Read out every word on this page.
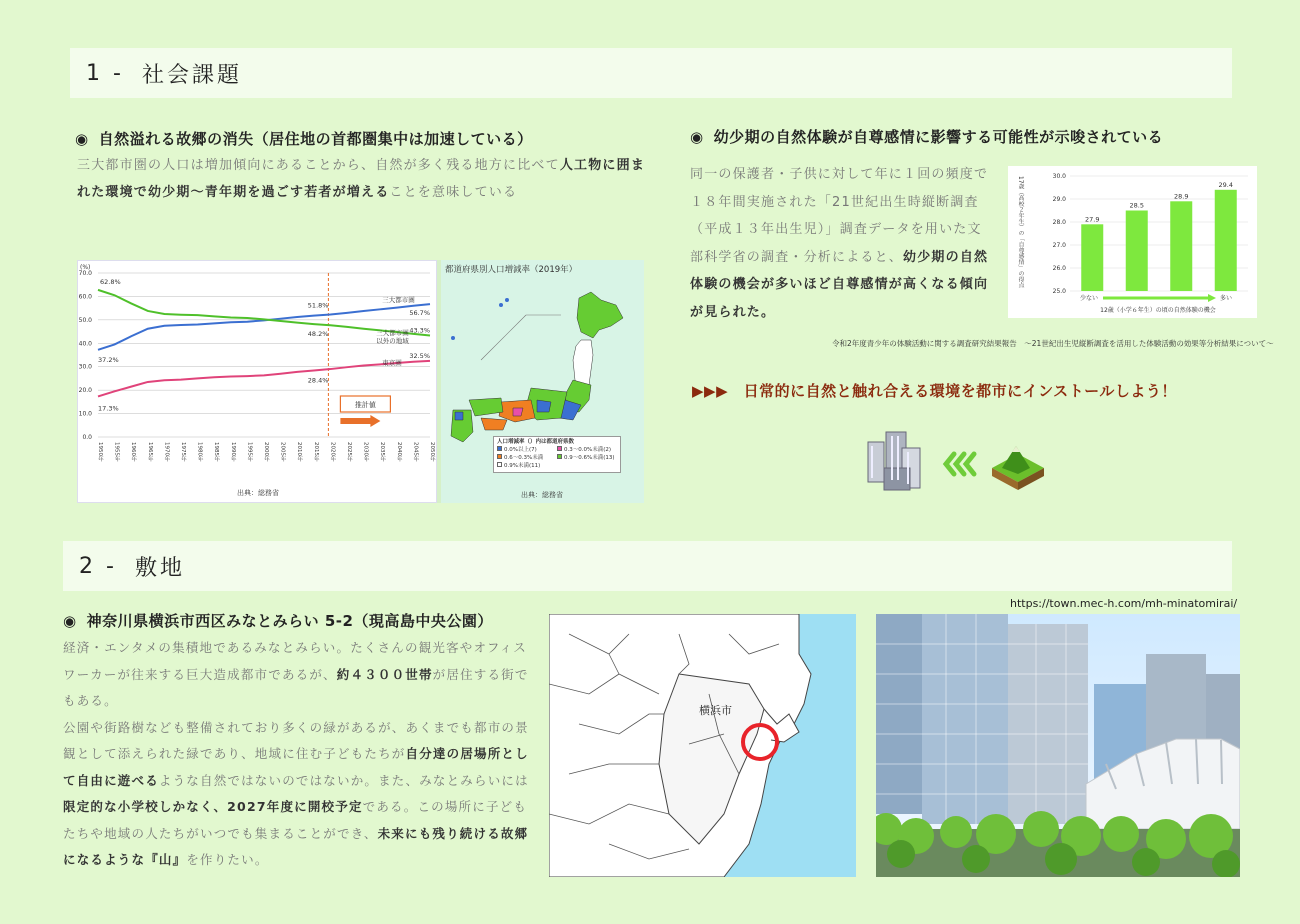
1 - 社会課題
◉ 自然溢れる故郷の消失（居住地の首都圏集中は加速している）
三大都市圏の人口は増加傾向にあることから、自然が多く残る地方に比べて人工物に囲まれた環境で幼少期〜青年期を過ごす若者が増えることを意味している
(%)
70.0
60.0
50.0
40.0
30.0
20.0
10.0
0.0
1950年 1955年 1960年 1965年 1970年 1975年 1980年 1985年 1990年 1995年 2000年 2005年 2010年 2015年 2020年 2025年 2030年 2035年 2040年 2045年 2050年
62.8%
37.2%
17.3%
51.8%
48.2%
28.4%
56.7%
43.3%
32.5%
三大都市圏
三大都市圏
以外の地域
東京圏
推計値
出典：総務省
都道府県別人口増減率（2019年）
人口増減率（）内は都道府県数
0.0%以上(7)	0.3〜0.0%未満(2)
0.6〜0.3%未満	0.9〜0.6%未満(13)
0.9%未満(11)
出典：総務省
◉ 幼少期の自然体験が自尊感情に影響する可能性が示唆されている
同一の保護者・子供に対して年に１回の頻度で１８年間実施された「21世紀出生時縦断調査（平成１３年出生児）」調査データを用いた文部科学省の調査・分析によると、幼少期の自然体験の機会が多いほど自尊感情が高くなる傾向が見られた。
30.0
29.0
28.0
27.0
26.0
25.0
27.9
28.5
28.9
29.4
17歳（高校２年生）の「自尊感情」の得点
少ない	多い
12歳（小学６年生）の頃の自然体験の機会
令和2年度青少年の体験活動に関する調査研究結果報告　〜21世紀出生児縦断調査を活用した体験活動の効果等分析結果について〜
▶▶▶　日常的に自然と触れ合える環境を都市にインストールしよう！
2 - 敷地
◉ 神奈川県横浜市西区みなとみらい 5-2（現高島中央公園）
経済・エンタメの集積地であるみなとみらい。たくさんの観光客やオフィスワーカーが往来する巨大造成都市であるが、約４３００世帯が居住する街でもある。
公園や街路樹なども整備されており多くの緑があるが、あくまでも都市の景観として添えられた緑であり、地域に住む子どもたちが自分達の居場所として自由に遊べるような自然ではないのではないか。また、みなとみらいには限定的な小学校しかなく、2027年度に開校予定である。この場所に子どもたちや地域の人たちがいつでも集まることができ、未来にも残り続ける故郷になるような『山』を作りたい。
https://town.mec-h.com/mh-minatomirai/
横浜市
